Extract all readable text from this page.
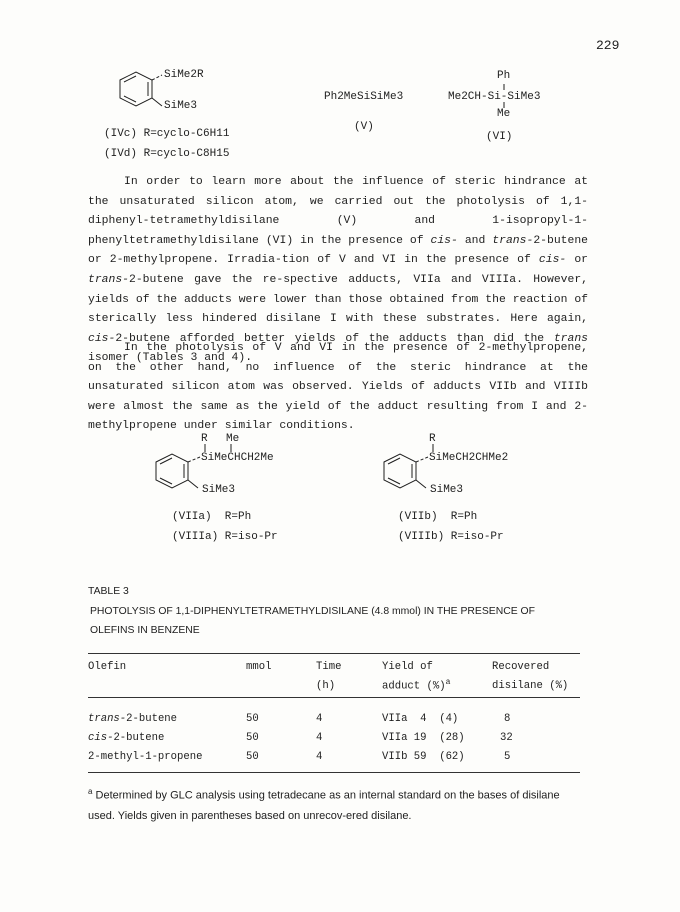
229
SiMe2R
SiMe3
(IVc) R=cyclo-C6H11
(IVd) R=cyclo-C8H15
Ph2MeSiSiMe3
(V)
Ph
Me2CH-Si-SiMe3
Me
(VI)

In order to learn more about the influence of steric hindrance at the unsaturated silicon atom, we carried out the photolysis of 1,1-diphenyl-tetramethyldisilane (V) and 1-isopropyl-1-phenyltetramethyldisilane (VI) in the presence of cis- and trans-2-butene or 2-methylpropene. Irradia-tion of V and VI in the presence of cis- or trans-2-butene gave the re-spective adducts, VIIa and VIIIa. However, yields of the adducts were lower than those obtained from the reaction of sterically less hindered disilane I with these substrates. Here again, cis-2-butene afforded better yields of the adducts than did the trans isomer (Tables 3 and 4).

In the photolysis of V and VI in the presence of 2-methylpropene, on the other hand, no influence of the steric hindrance at the unsaturated silicon atom was observed. Yields of adducts VIIb and VIIIb were almost the same as the yield of the adduct resulting from I and 2-methylpropene under similar conditions.

R Me
SiMeCHCH2Me
SiMe3
(VIIa)  R=Ph
(VIIIa) R=iso-Pr
R
SiMeCH2CHMe2
SiMe3
(VIIb)  R=Ph
(VIIIb) R=iso-Pr
TABLE 3
PHOTOLYSIS OF 1,1-DIPHENYLTETRAMETHYLDISILANE (4.8 mmol) IN THE PRESENCE OF OLEFINS IN BENZENE
Olefin	mmol	Time	Yield of	Recovered
		(h)	adduct (%)$^a$	disilane (%)

trans-2-butene	50	4	VIIa  4  (4)	8
cis-2-butene	50	4	VIIa 19  (28)	32
2-methyl-1-propene	50	4	VIIb 59  (62)	5
$^a$ Determined by GLC analysis using tetradecane as an internal standard on the bases of disilane used. Yields given in parentheses based on unrecov-ered disilane.
